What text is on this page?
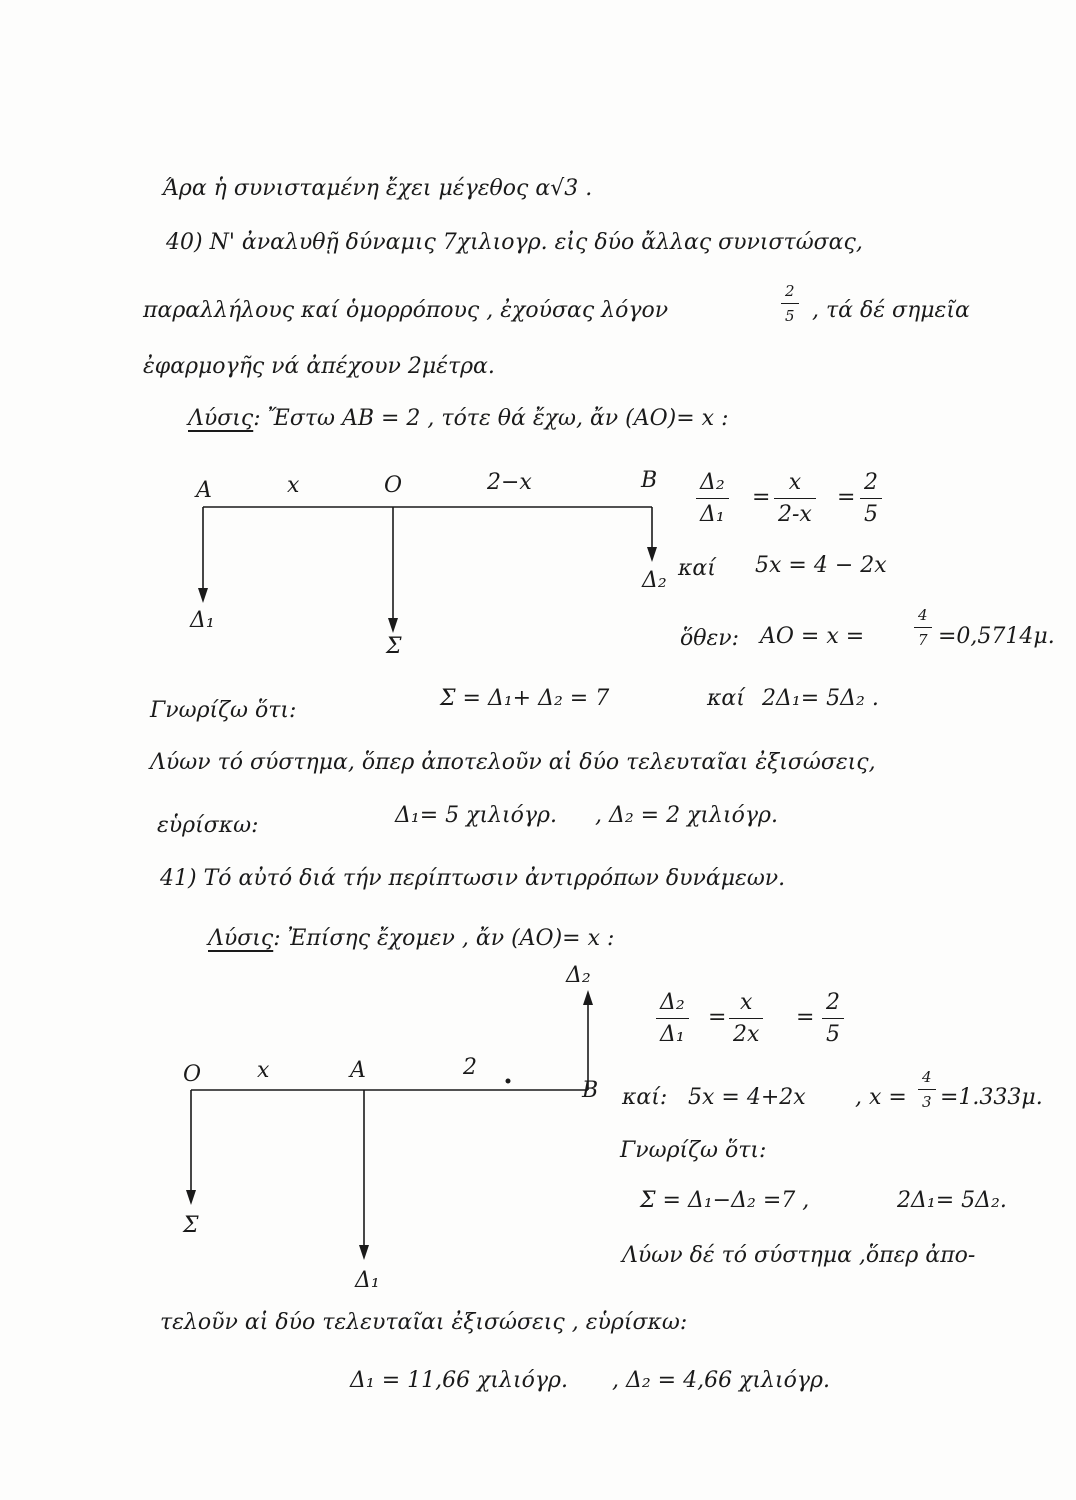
Άρα ἡ συνισταμένη ἔχει μέγεθος α√3 .
40) Ν' ἀναλυθῇ δύναμις 7χιλιογρ. εἰς δύο ἄλλας συνιστώσας,
παραλλήλους καί ὁμορρόπους , ἐχούσας λόγον	$\frac{2}{5}$ , τά δέ σημεῖα
ἐφαρμογῆς νά ἀπέχουν 2μέτρα.
Λύσις: Ἔστω AB = 2 , τότε θά ἔχω, ἄν (AO)= x :
A	x	O	2−x	B
Δ₁
Σ
Δ₂
$\frac{\text{Δ₂}}{\text{Δ₁}} = \frac{x}{2-x} = \frac{2}{5}$
καί 5x = 4 − 2x
ὅθεν: AO = x =	$\frac{4}{7} =0,5714\mu$.
Γνωρίζω ὅτι:	Σ = Δ₁+ Δ₂ = 7	καί 2Δ₁= 5Δ₂ .
Λύων τό σύστημα, ὅπερ ἀποτελοῦν αἱ δύο τελευταῖαι ἐξισώσεις,
εὑρίσκω:	Δ₁= 5 χιλιόγρ. , Δ₂ = 2 χιλιόγρ.
41) Τό αὐτό διά τήν περίπτωσιν ἀντιρρόπων δυνάμεων.
Λύσις: Ἐπίσης ἔχομεν , ἄν (AO)= x :
O	x	A	2
B
Δ₂
Σ
Δ₁
$\frac{\text{Δ₂}}{\text{Δ₁}} = \frac{x}{2x} = \frac{2}{5}$
καί: 5x = 4+2x , $x = \frac{4}{3} =1.333\mu$.
Γνωρίζω ὅτι:
Σ = Δ₁−Δ₂ =7 ,	2Δ₁= 5Δ₂.
Λύων δέ τό σύστημα ,ὅπερ ἀπο-
τελοῦν αἱ δύο τελευταῖαι ἐξισώσεις , εὑρίσκω:
Δ₁ = 11,66 χιλιόγρ. , Δ₂ = 4,66 χιλιόγρ.
